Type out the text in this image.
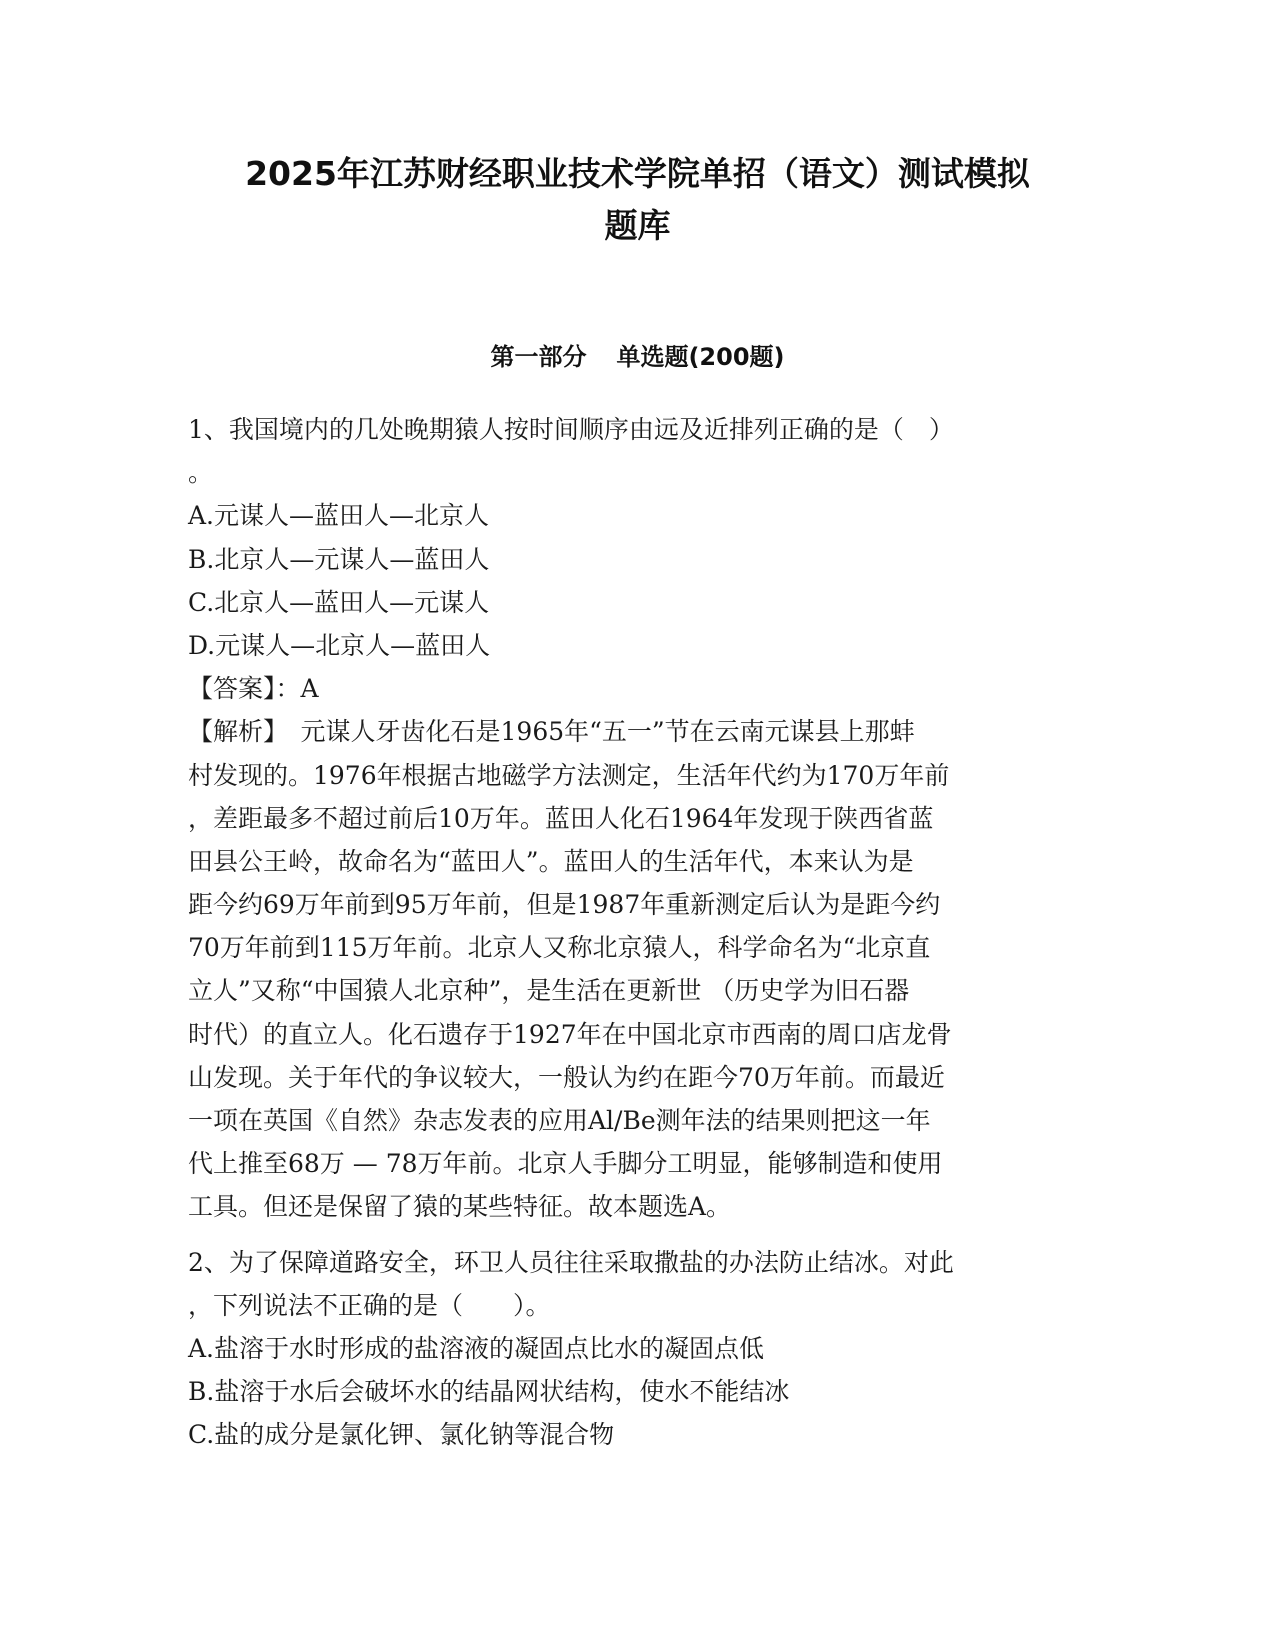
2025年江苏财经职业技术学院单招（语文）测试模拟
题库
第一部分 单选题(200题)
1、我国境内的几处晚期猿人按时间顺序由远及近排列正确的是（　）
。
A.元谋人—蓝田人—北京人
B.北京人—元谋人—蓝田人
C.北京人—蓝田人—元谋人
D.元谋人—北京人—蓝田人
【答案】：A
【解析】　元谋人牙齿化石是1965年“五一”节在云南元谋县上那蚌
村发现的。1976年根据古地磁学方法测定，生活年代约为170万年前
，差距最多不超过前后10万年。蓝田人化石1964年发现于陕西省蓝
田县公王岭，故命名为“蓝田人”。蓝田人的生活年代，本来认为是
距今约69万年前到95万年前，但是1987年重新测定后认为是距今约
70万年前到115万年前。北京人又称北京猿人，科学命名为“北京直
立人”又称“中国猿人北京种”，是生活在更新世 （历史学为旧石器
时代）的直立人。化石遗存于1927年在中国北京市西南的周口店龙骨
山发现。关于年代的争议较大，一般认为约在距今70万年前。而最近
一项在英国《自然》杂志发表的应用Al/Be测年法的结果则把这一年
代上推至68万 — 78万年前。北京人手脚分工明显，能够制造和使用
工具。但还是保留了猿的某些特征。故本题选A。
2、为了保障道路安全，环卫人员往往采取撒盐的办法防止结冰。对此
，下列说法不正确的是（　　）。
A.盐溶于水时形成的盐溶液的凝固点比水的凝固点低
B.盐溶于水后会破坏水的结晶网状结构，使水不能结冰
C.盐的成分是氯化钾、氯化钠等混合物
